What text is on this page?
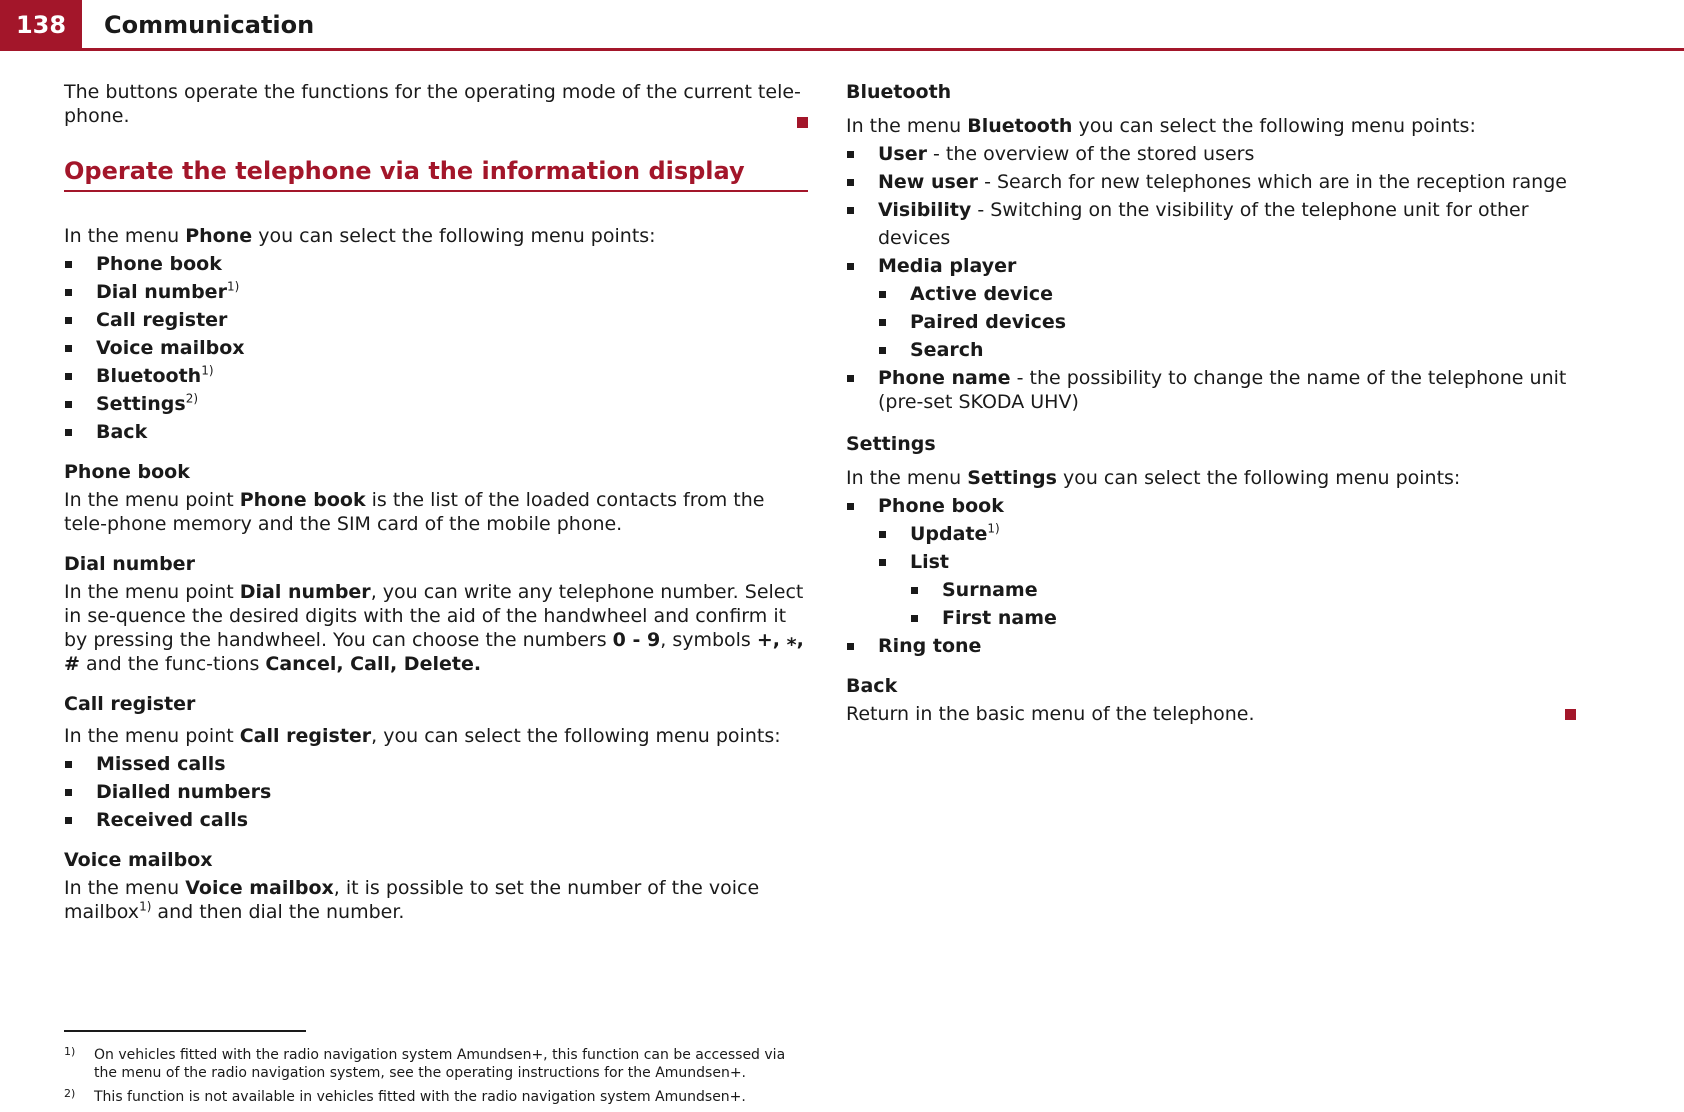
138	Communication

The buttons operate the functions for the operating mode of the current tele-phone.

Operate the telephone via the information display

In the menu Phone you can select the following menu points:

Phone book
Dial number$^{1)}$
Call register
Voice mailbox
Bluetooth$^{1)}$
Settings$^{2)}$
Back
Phone book

In the menu point Phone book is the list of the loaded contacts from the tele-phone memory and the SIM card of the mobile phone.

Dial number

In the menu point Dial number, you can write any telephone number. Select in se-quence the desired digits with the aid of the handwheel and confirm it by pressing the handwheel. You can choose the numbers 0 - 9, symbols +, ⁎, # and the func-tions Cancel, Call, Delete.

Call register

In the menu point Call register, you can select the following menu points:

Missed calls
Dialled numbers
Received calls
Voice mailbox

In the menu Voice mailbox, it is possible to set the number of the voice mailbox$^{1)}$ and then dial the number.

Bluetooth

In the menu Bluetooth you can select the following menu points:

User - the overview of the stored users
New user - Search for new telephones which are in the reception range
Visibility - Switching on the visibility of the telephone unit for other devices
Media player
Active device
Paired devices
Search
Phone name - the possibility to change the name of the telephone unit (pre-set SKODA UHV)
Settings

In the menu Settings you can select the following menu points:

Phone book
Update$^{1)}$
List
Surname
First name
Ring tone
Back

Return in the basic menu of the telephone.

1) On vehicles fitted with the radio navigation system Amundsen+, this function can be accessed via the menu of the radio navigation system, see the operating instructions for the Amundsen+.
2) This function is not available in vehicles fitted with the radio navigation system Amundsen+.
